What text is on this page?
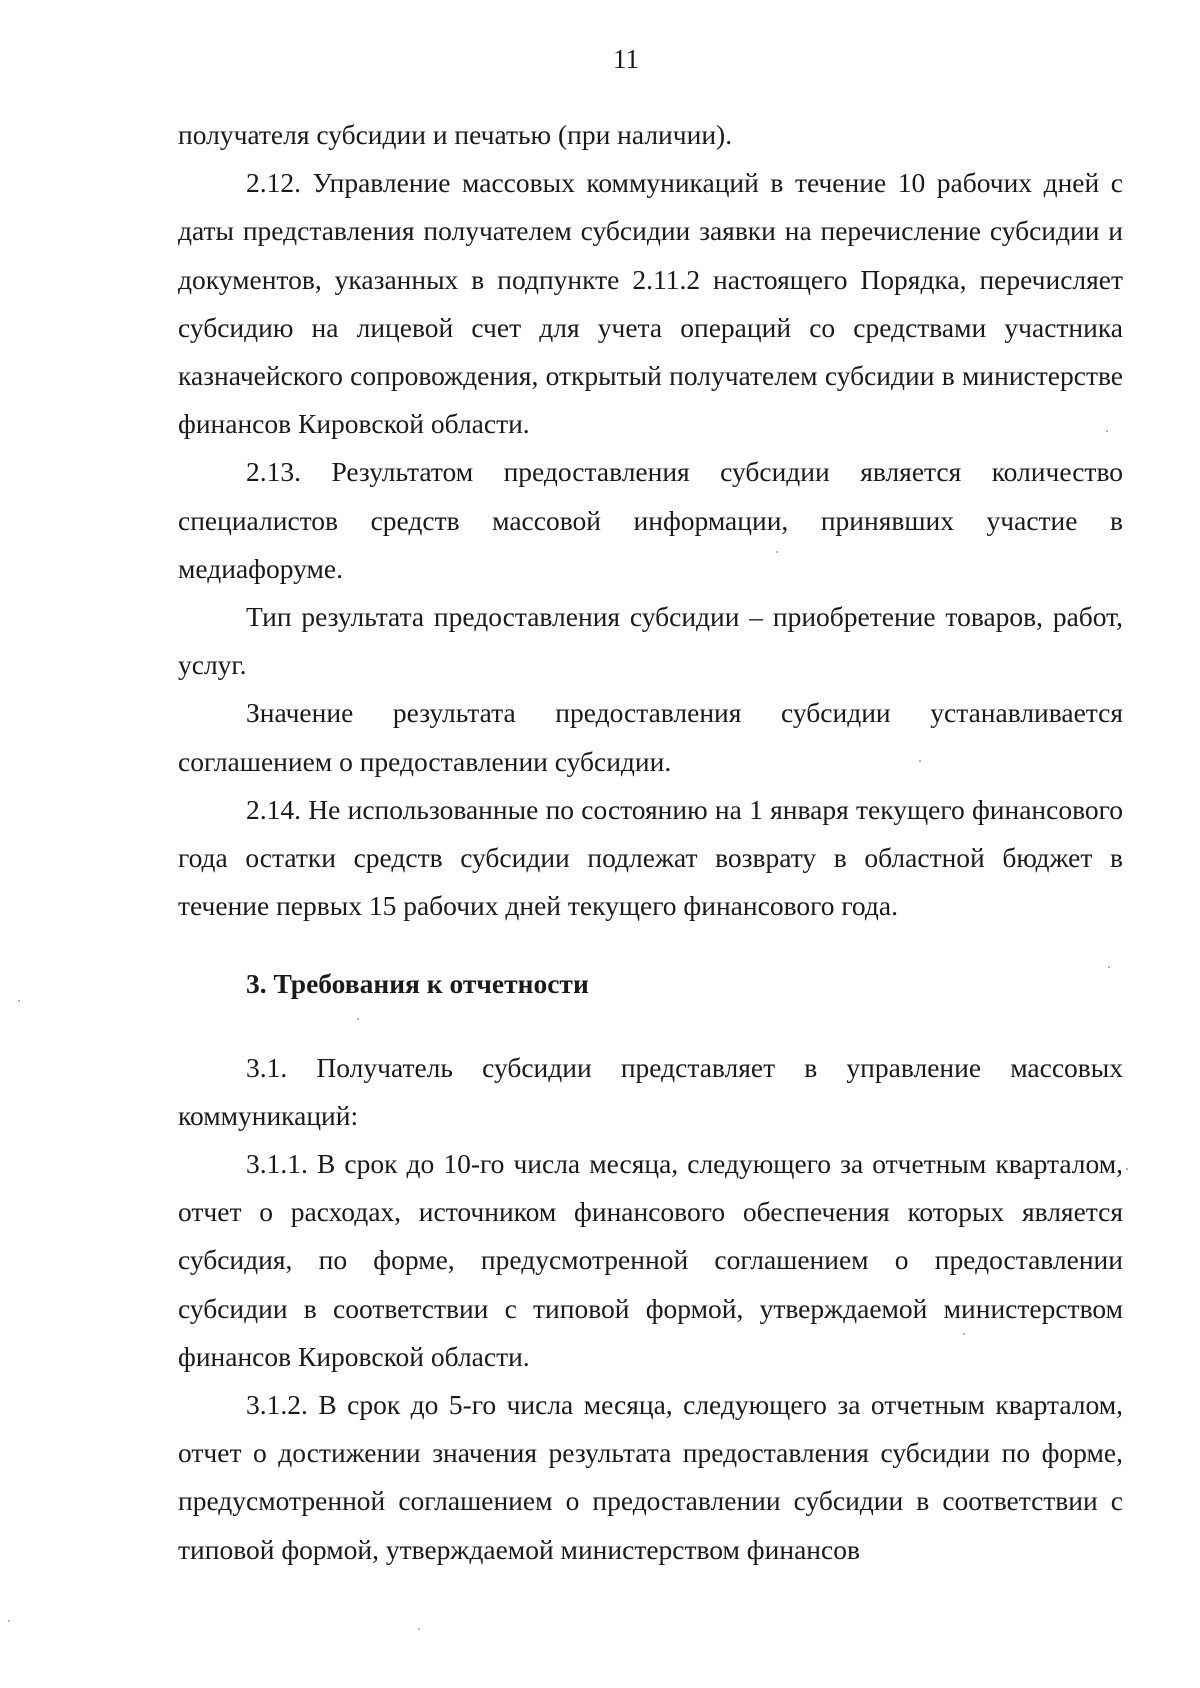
11

получателя субсидии и печатью (при наличии).

2.12. Управление массовых коммуникаций в течение 10 рабочих дней с даты представления получателем субсидии заявки на перечисление субсидии и документов, указанных в подпункте 2.11.2 настоящего Порядка, перечисляет субсидию на лицевой счет для учета операций со средствами участника казначейского сопровождения, открытый получателем субсидии в министерстве финансов Кировской области.

2.13. Результатом предоставления субсидии является количество специалистов средств массовой информации, принявших участие в медиафоруме.

Тип результата предоставления субсидии – приобретение товаров, работ, услуг.

Значение результата предоставления субсидии устанавливается соглашением о предоставлении субсидии.

2.14. Не использованные по состоянию на 1 января текущего финансового года остатки средств субсидии подлежат возврату в областной бюджет в течение первых 15 рабочих дней текущего финансового года.

3. Требования к отчетности

3.1. Получатель субсидии представляет в управление массовых коммуникаций:

3.1.1. В срок до 10-го числа месяца, следующего за отчетным кварталом, отчет о расходах, источником финансового обеспечения которых является субсидия, по форме, предусмотренной соглашением о предоставлении субсидии в соответствии с типовой формой, утверждаемой министерством финансов Кировской области.

3.1.2. В срок до 5-го числа месяца, следующего за отчетным кварталом, отчет о достижении значения результата предоставления субсидии по форме, предусмотренной соглашением о предоставлении субсидии в соответствии с типовой формой, утверждаемой министерством финансов
